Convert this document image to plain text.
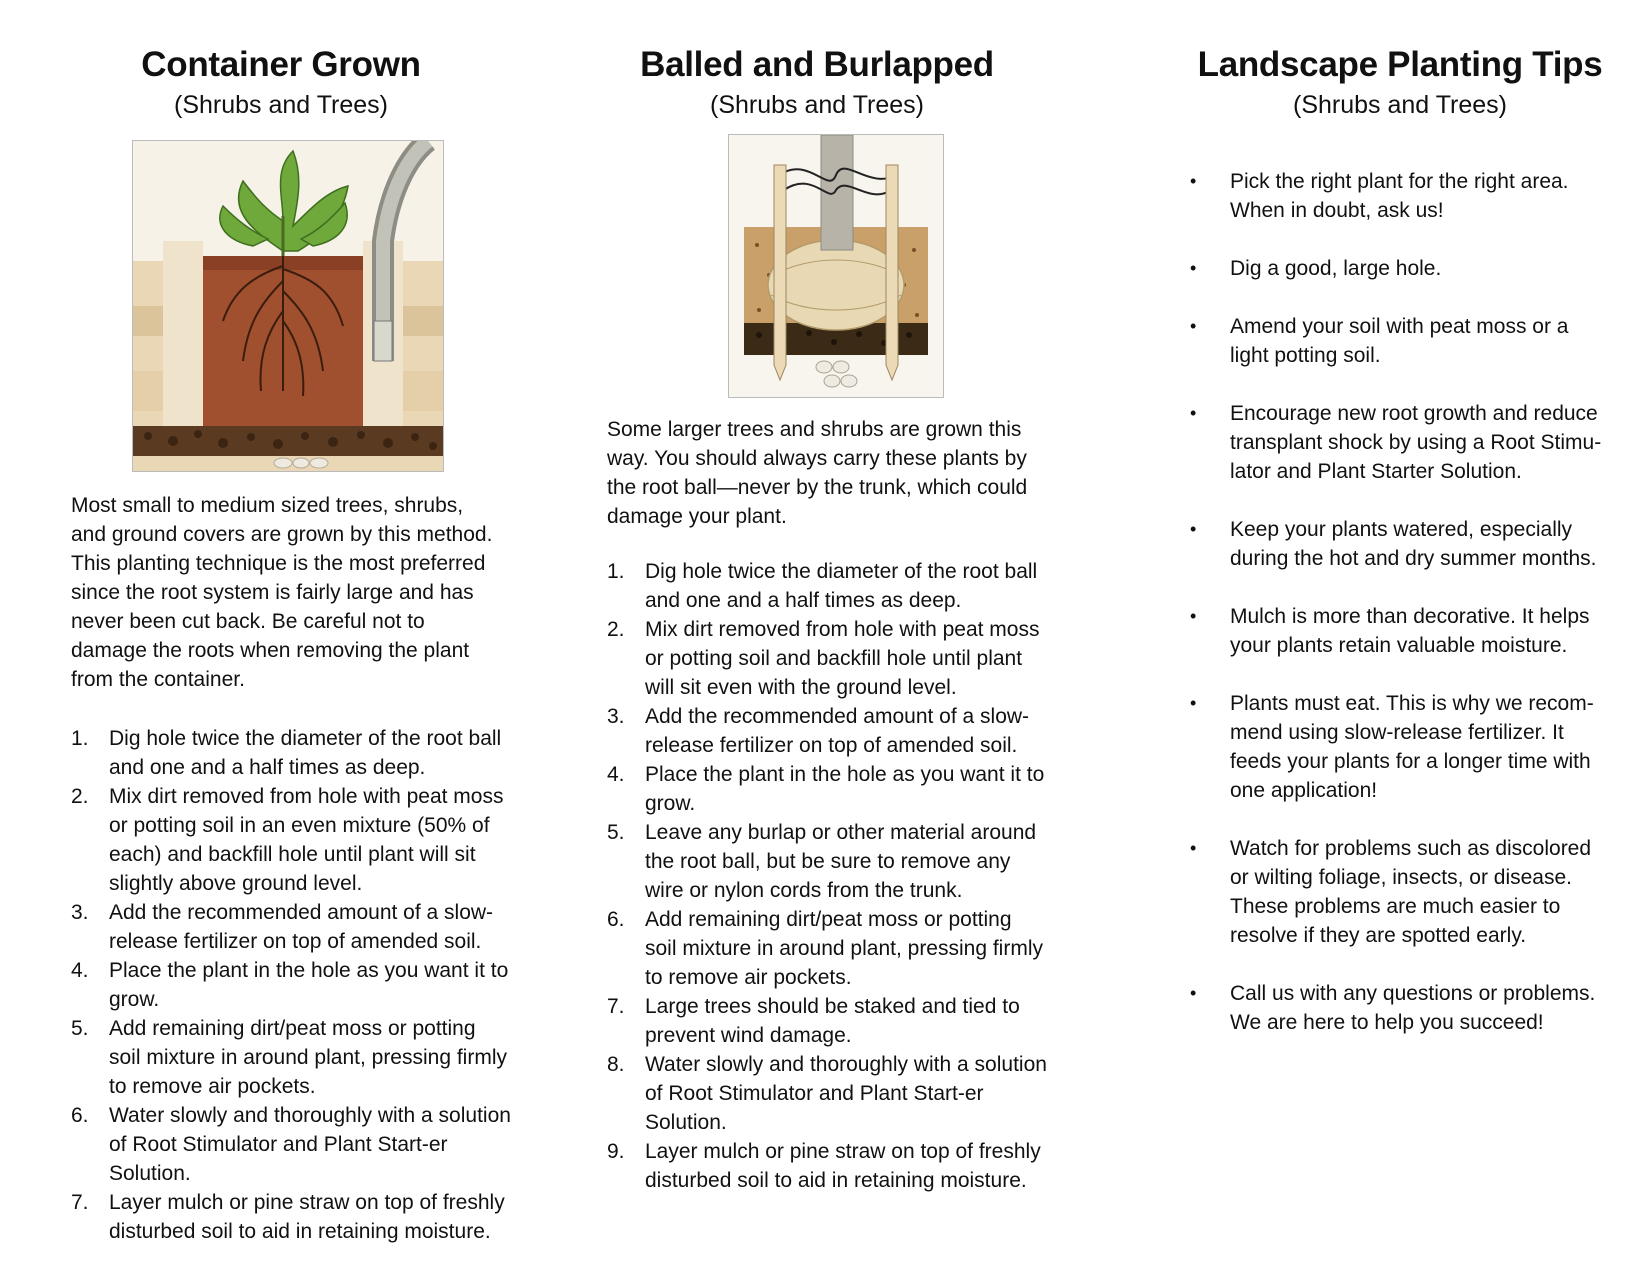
Container Grown
(Shrubs and Trees)

Most small to medium sized trees, shrubs, and ground covers are grown by this method. This planting technique is the most preferred since the root system is fairly large and has never been cut back. Be careful not to damage the roots when removing the plant from the container.

1. Dig hole twice the diameter of the root ball and one and a half times as deep.
2. Mix dirt removed from hole with peat moss or potting soil in an even mixture (50% of each) and backfill hole until plant will sit slightly above ground level.
3. Add the recommended amount of a slow-release fertilizer on top of amended soil.
4. Place the plant in the hole as you want it to grow.
5. Add remaining dirt/peat moss or potting soil mixture in around plant, pressing firmly to remove air pockets.
6. Water slowly and thoroughly with a solution of Root Stimulator and Plant Start-er Solution.
7. Layer mulch or pine straw on top of freshly disturbed soil to aid in retaining moisture.
Balled and Burlapped
(Shrubs and Trees)

Some larger trees and shrubs are grown this way. You should always carry these plants by the root ball—never by the trunk, which could damage your plant.

1. Dig hole twice the diameter of the root ball and one and a half times as deep.
2. Mix dirt removed from hole with peat moss or potting soil and backfill hole until plant will sit even with the ground level.
3. Add the recommended amount of a slow-release fertilizer on top of amended soil.
4. Place the plant in the hole as you want it to grow.
5. Leave any burlap or other material around the root ball, but be sure to remove any wire or nylon cords from the trunk.
6. Add remaining dirt/peat moss or potting soil mixture in around plant, pressing firmly to remove air pockets.
7. Large trees should be staked and tied to prevent wind damage.
8. Water slowly and thoroughly with a solution of Root Stimulator and Plant Start-er Solution.
9. Layer mulch or pine straw on top of freshly disturbed soil to aid in retaining moisture.
Landscape Planting Tips
(Shrubs and Trees)
• Pick the right plant for the right area. When in doubt, ask us!
• Dig a good, large hole.
• Amend your soil with peat moss or a light potting soil.
• Encourage new root growth and reduce transplant shock by using a Root Stimu-lator and Plant Starter Solution.
• Keep your plants watered, especially during the hot and dry summer months.
• Mulch is more than decorative. It helps your plants retain valuable moisture.
• Plants must eat. This is why we recom-mend using slow-release fertilizer. It feeds your plants for a longer time with one application!
• Watch for problems such as discolored or wilting foliage, insects, or disease. These problems are much easier to resolve if they are spotted early.
• Call us with any questions or problems. We are here to help you succeed!
